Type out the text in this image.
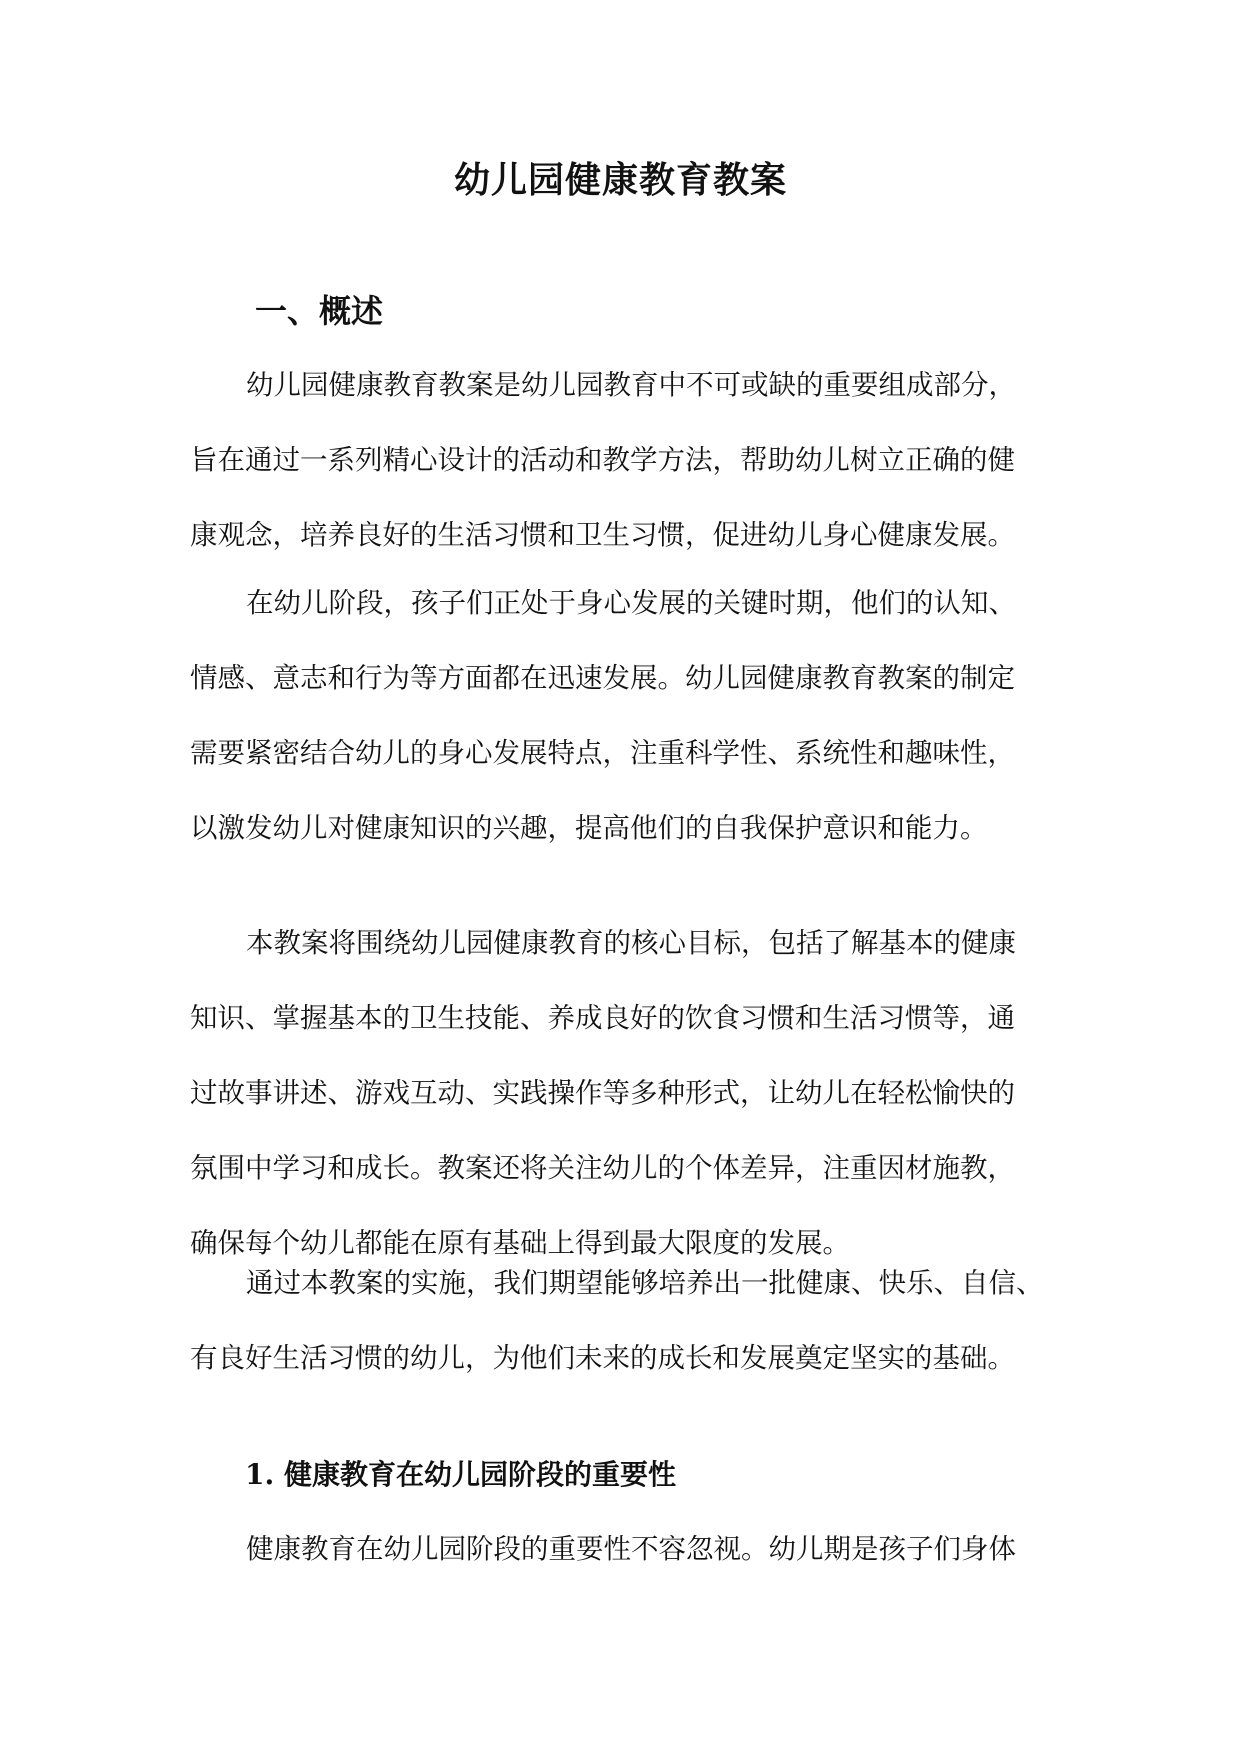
幼儿园健康教育教案
一、概述
幼儿园健康教育教案是幼儿园教育中不可或缺的重要组成部分，
旨在通过一系列精心设计的活动和教学方法，帮助幼儿树立正确的健
康观念，培养良好的生活习惯和卫生习惯，促进幼儿身心健康发展。
在幼儿阶段，孩子们正处于身心发展的关键时期，他们的认知、
情感、意志和行为等方面都在迅速发展。幼儿园健康教育教案的制定
需要紧密结合幼儿的身心发展特点，注重科学性、系统性和趣味性，
以激发幼儿对健康知识的兴趣，提高他们的自我保护意识和能力。
本教案将围绕幼儿园健康教育的核心目标，包括了解基本的健康
知识、掌握基本的卫生技能、养成良好的饮食习惯和生活习惯等，通
过故事讲述、游戏互动、实践操作等多种形式，让幼儿在轻松愉快的
氛围中学习和成长。教案还将关注幼儿的个体差异，注重因材施教，
确保每个幼儿都能在原有基础上得到最大限度的发展。
通过本教案的实施，我们期望能够培养出一批健康、快乐、自信、
有良好生活习惯的幼儿，为他们未来的成长和发展奠定坚实的基础。
1. 健康教育在幼儿园阶段的重要性
健康教育在幼儿园阶段的重要性不容忽视。幼儿期是孩子们身体
